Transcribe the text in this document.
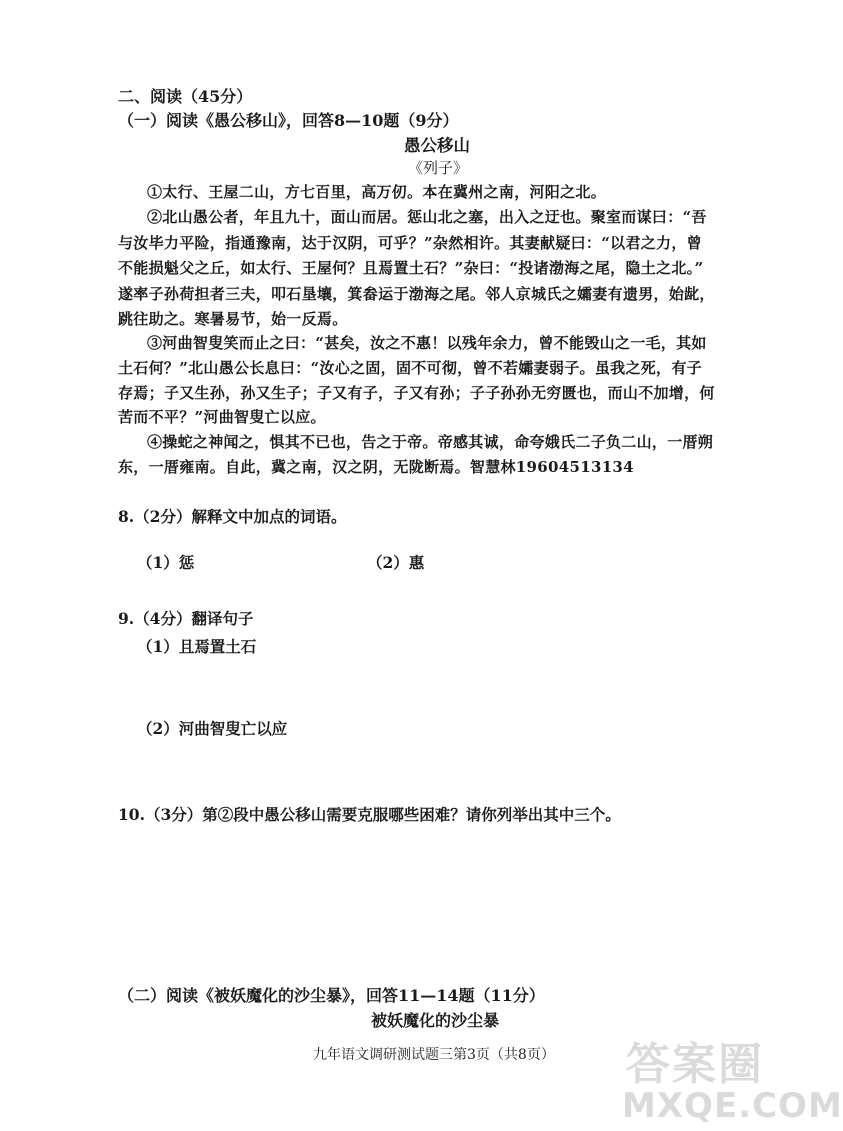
二、阅读（45分）
（一）阅读《愚公移山》，回答8—10题（9分）
愚公移山
《列子》
①太行、王屋二山，方七百里，高万仞。本在冀州之南，河阳之北。
②北山愚公者，年且九十，面山而居。惩山北之塞，出入之迂也。聚室而谋曰：“吾
与汝毕力平险，指通豫南，达于汉阴，可乎？”杂然相许。其妻献疑曰：“以君之力，曾
不能损魁父之丘，如太行、王屋何？且焉置土石？”杂曰：“投诸渤海之尾，隐土之北。”
遂率子孙荷担者三夫，叩石垦壤，箕畚运于渤海之尾。邻人京城氏之孀妻有遗男，始龀，
跳往助之。寒暑易节，始一反焉。
③河曲智叟笑而止之曰：“甚矣，汝之不惠！以残年余力，曾不能毁山之一毛，其如
土石何？”北山愚公长息曰：“汝心之固，固不可彻，曾不若孀妻弱子。虽我之死，有子
存焉；子又生孙，孙又生子；子又有子，子又有孙；子子孙孙无穷匮也，而山不加增，何
苦而不平？”河曲智叟亡以应。
④操蛇之神闻之，惧其不已也，告之于帝。帝感其诚，命夸娥氏二子负二山，一厝朔
东，一厝雍南。自此，冀之南，汉之阴，无陇断焉。智慧林19604513134
8.（2分）解释文中加点的词语。
（1）惩	（2）惠
9.（4分）翻译句子
（1）且焉置土石
（2）河曲智叟亡以应
10.（3分）第②段中愚公移山需要克服哪些困难？请你列举出其中三个。
（二）阅读《被妖魔化的沙尘暴》，回答11—14题（11分）
被妖魔化的沙尘暴
九年语文调研测试题三第3页（共8页） 答案圈
MXQE.COM
